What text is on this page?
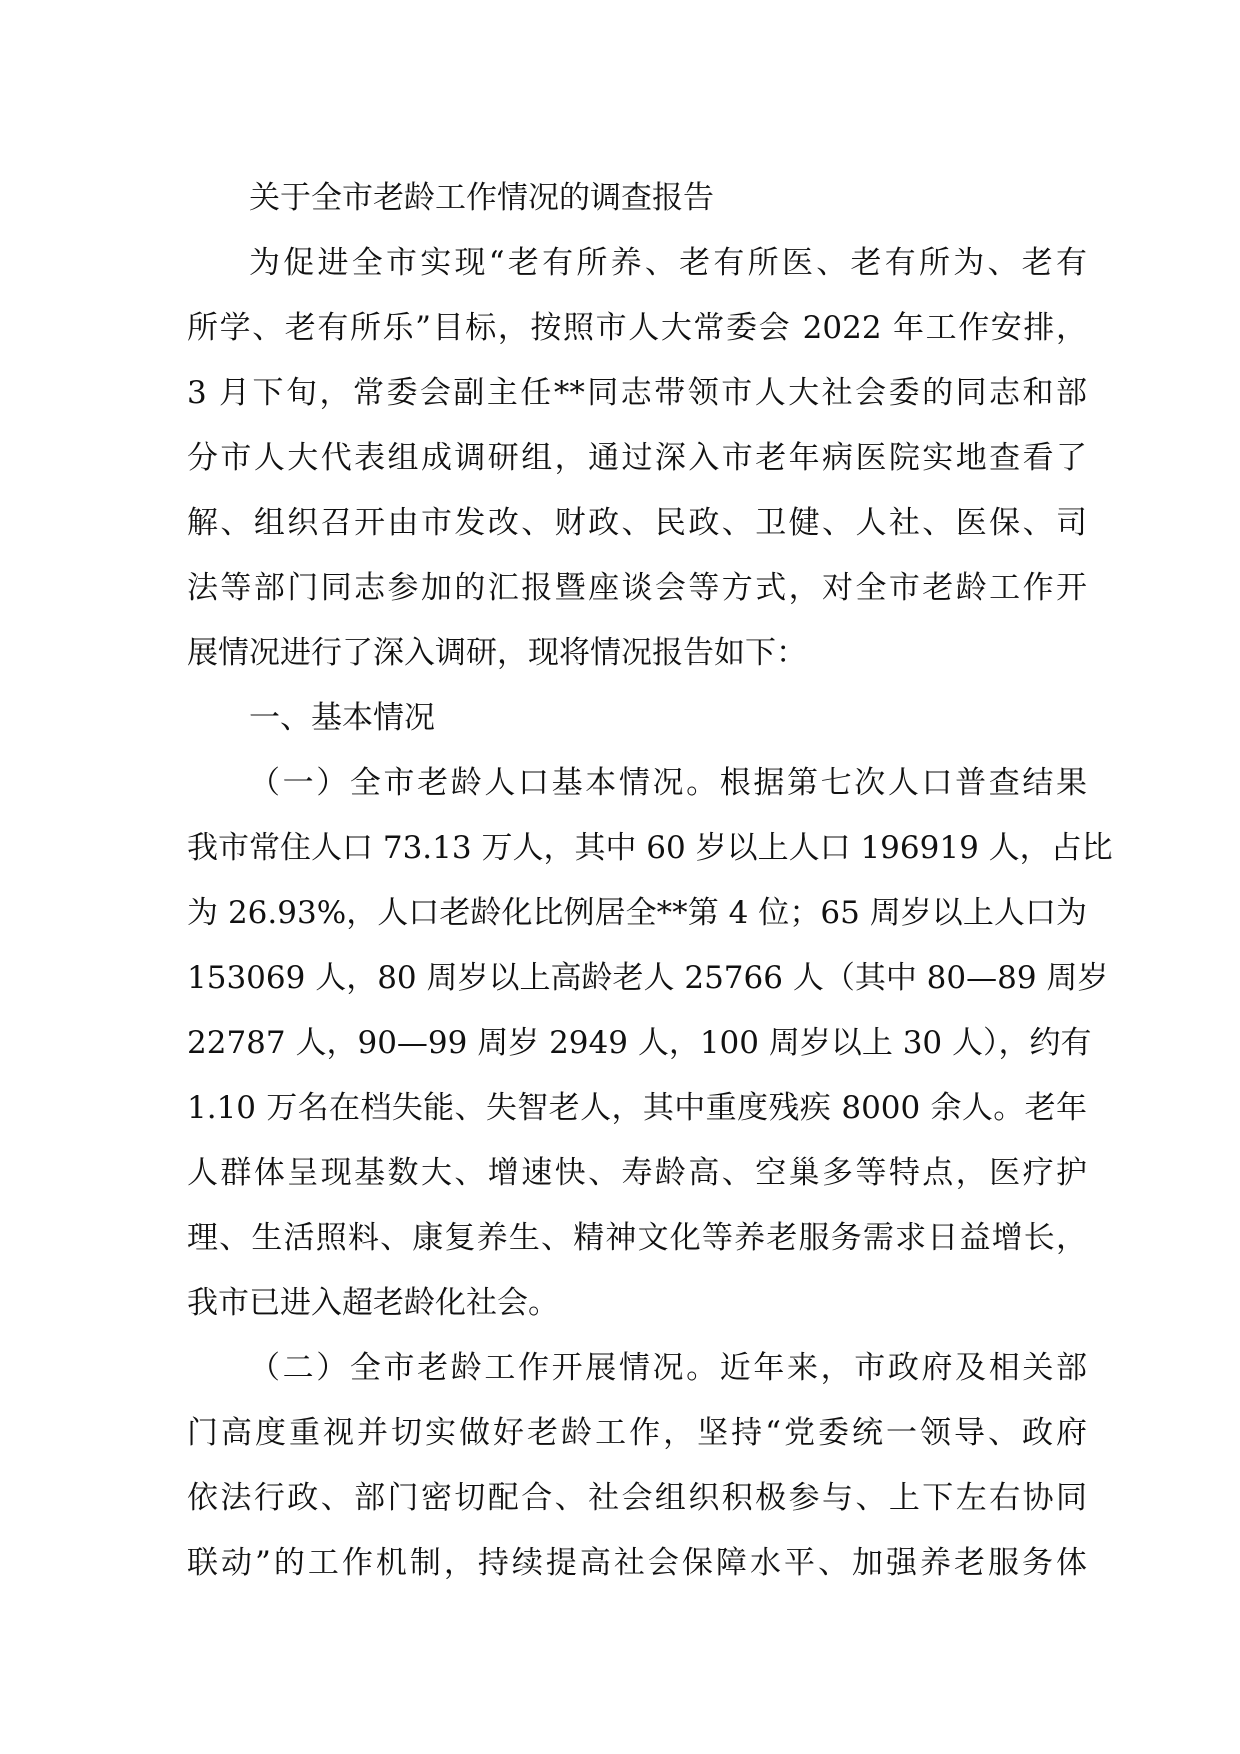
关于全市老龄工作情况的调查报告
为促进全市实现“老有所养、老有所医、老有所为、老有
所学、老有所乐”目标，按照市人大常委会 2022 年工作安排，
3 月下旬，常委会副主任**同志带领市人大社会委的同志和部
分市人大代表组成调研组，通过深入市老年病医院实地查看了
解、组织召开由市发改、财政、民政、卫健、人社、医保、司
法等部门同志参加的汇报暨座谈会等方式，对全市老龄工作开
展情况进行了深入调研，现将情况报告如下：
一、基本情况
（一）全市老龄人口基本情况。根据第七次人口普查结果
我市常住人口 73.13 万人，其中 60 岁以上人口 196919 人，占比
为 26.93%，人口老龄化比例居全**第 4 位；65 周岁以上人口为
153069 人，80 周岁以上高龄老人 25766 人（其中 80—89 周岁
22787 人，90—99 周岁 2949 人，100 周岁以上 30 人），约有
1.10 万名在档失能、失智老人，其中重度残疾 8000 余人。老年
人群体呈现基数大、增速快、寿龄高、空巢多等特点，医疗护
理、生活照料、康复养生、精神文化等养老服务需求日益增长，
我市已进入超老龄化社会。
（二）全市老龄工作开展情况。近年来，市政府及相关部
门高度重视并切实做好老龄工作，坚持“党委统一领导、政府
依法行政、部门密切配合、社会组织积极参与、上下左右协同
联动”的工作机制，持续提高社会保障水平、加强养老服务体
